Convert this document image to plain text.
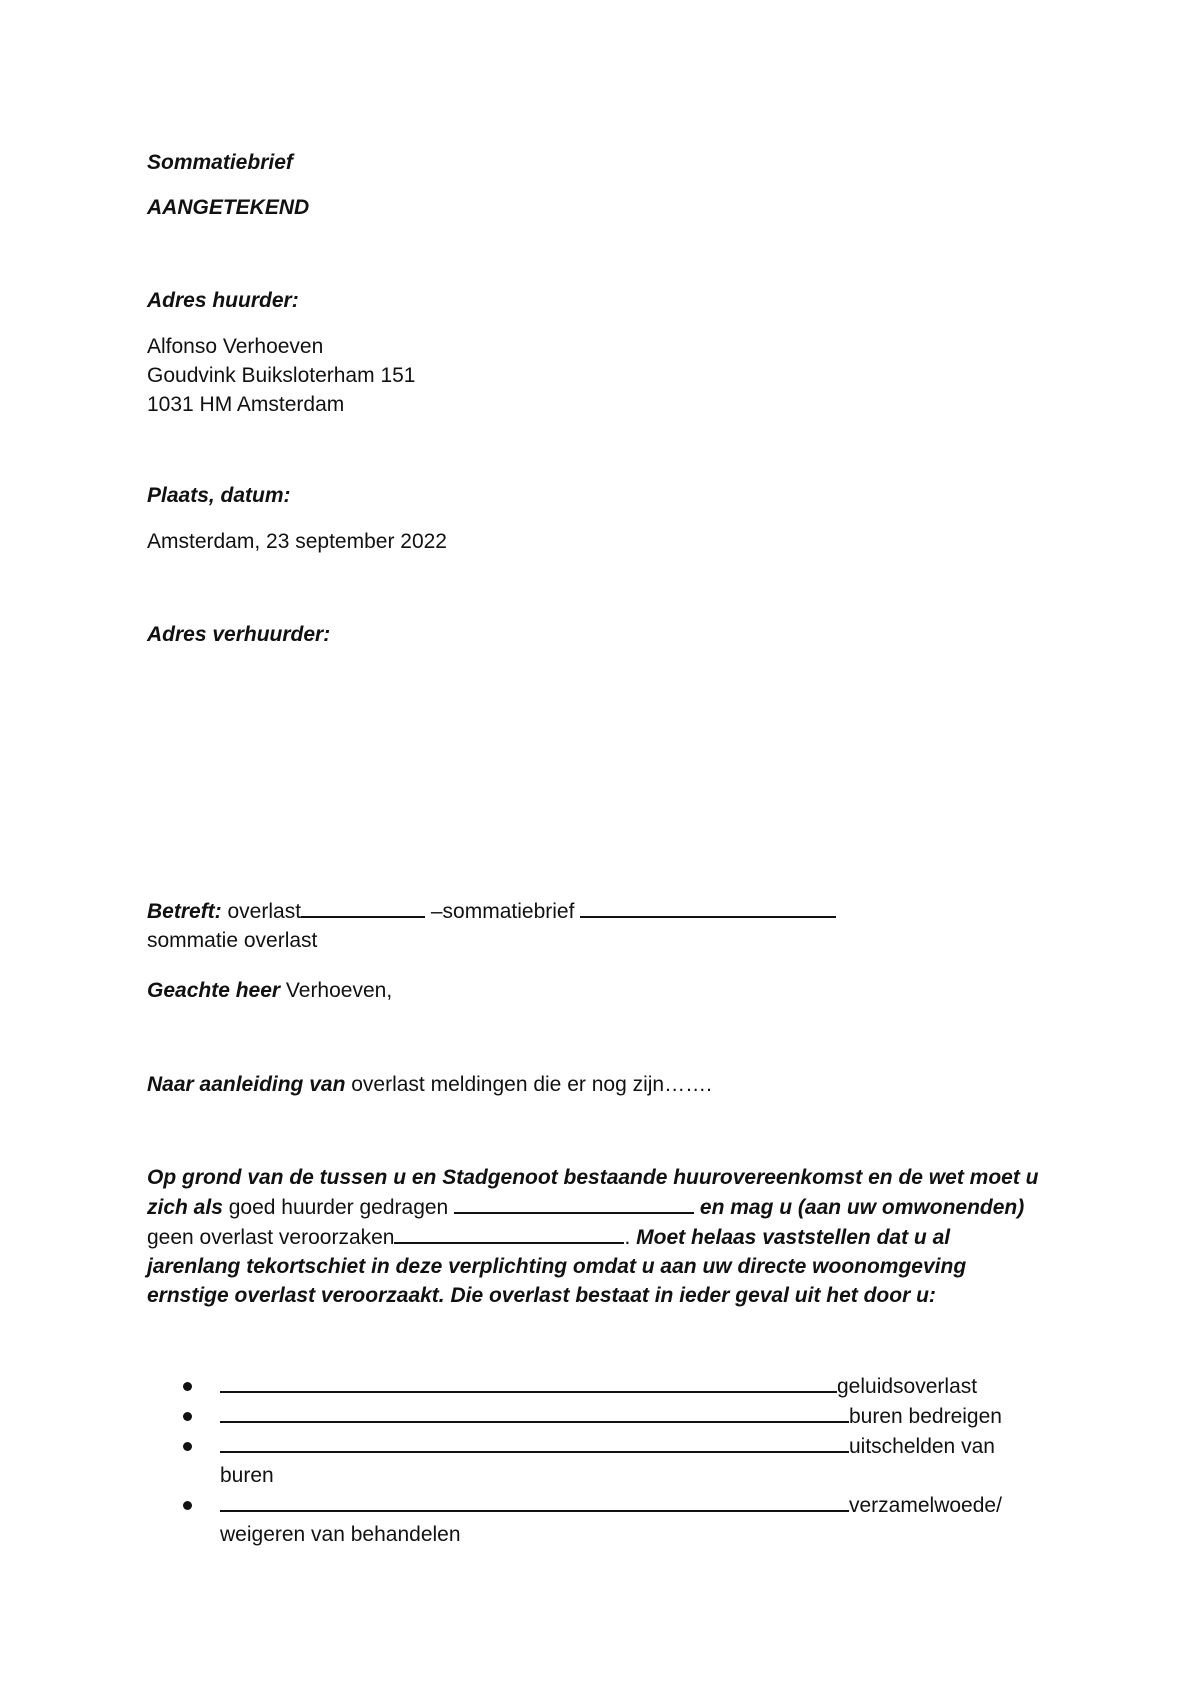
Sommatiebrief
AANGETEKEND
Adres huurder:
Alfonso Verhoeven
Goudvink Buiksloterham 151
1031 HM Amsterdam
Plaats, datum:
Amsterdam, 23 september 2022
Adres verhuurder:
Betreft: overlast	–sommatiebrief
sommatie overlast
Geachte heer Verhoeven,
Naar aanleiding van overlast meldingen die er nog zijn…….
Op grond van de tussen u en Stadgenoot bestaande huurovereenkomst en de wet moet u
zich als goed huurder gedragen	en mag u (aan uw omwonenden)
geen overlast veroorzaken	. Moet helaas vaststellen dat u al
jarenlang tekortschiet in deze verplichting omdat u aan uw directe woonomgeving
ernstige overlast veroorzaakt. Die overlast bestaat in ieder geval uit het door u:
geluidsoverlast
buren bedreigen
uitschelden van
buren
verzamelwoede/
weigeren van behandelen
